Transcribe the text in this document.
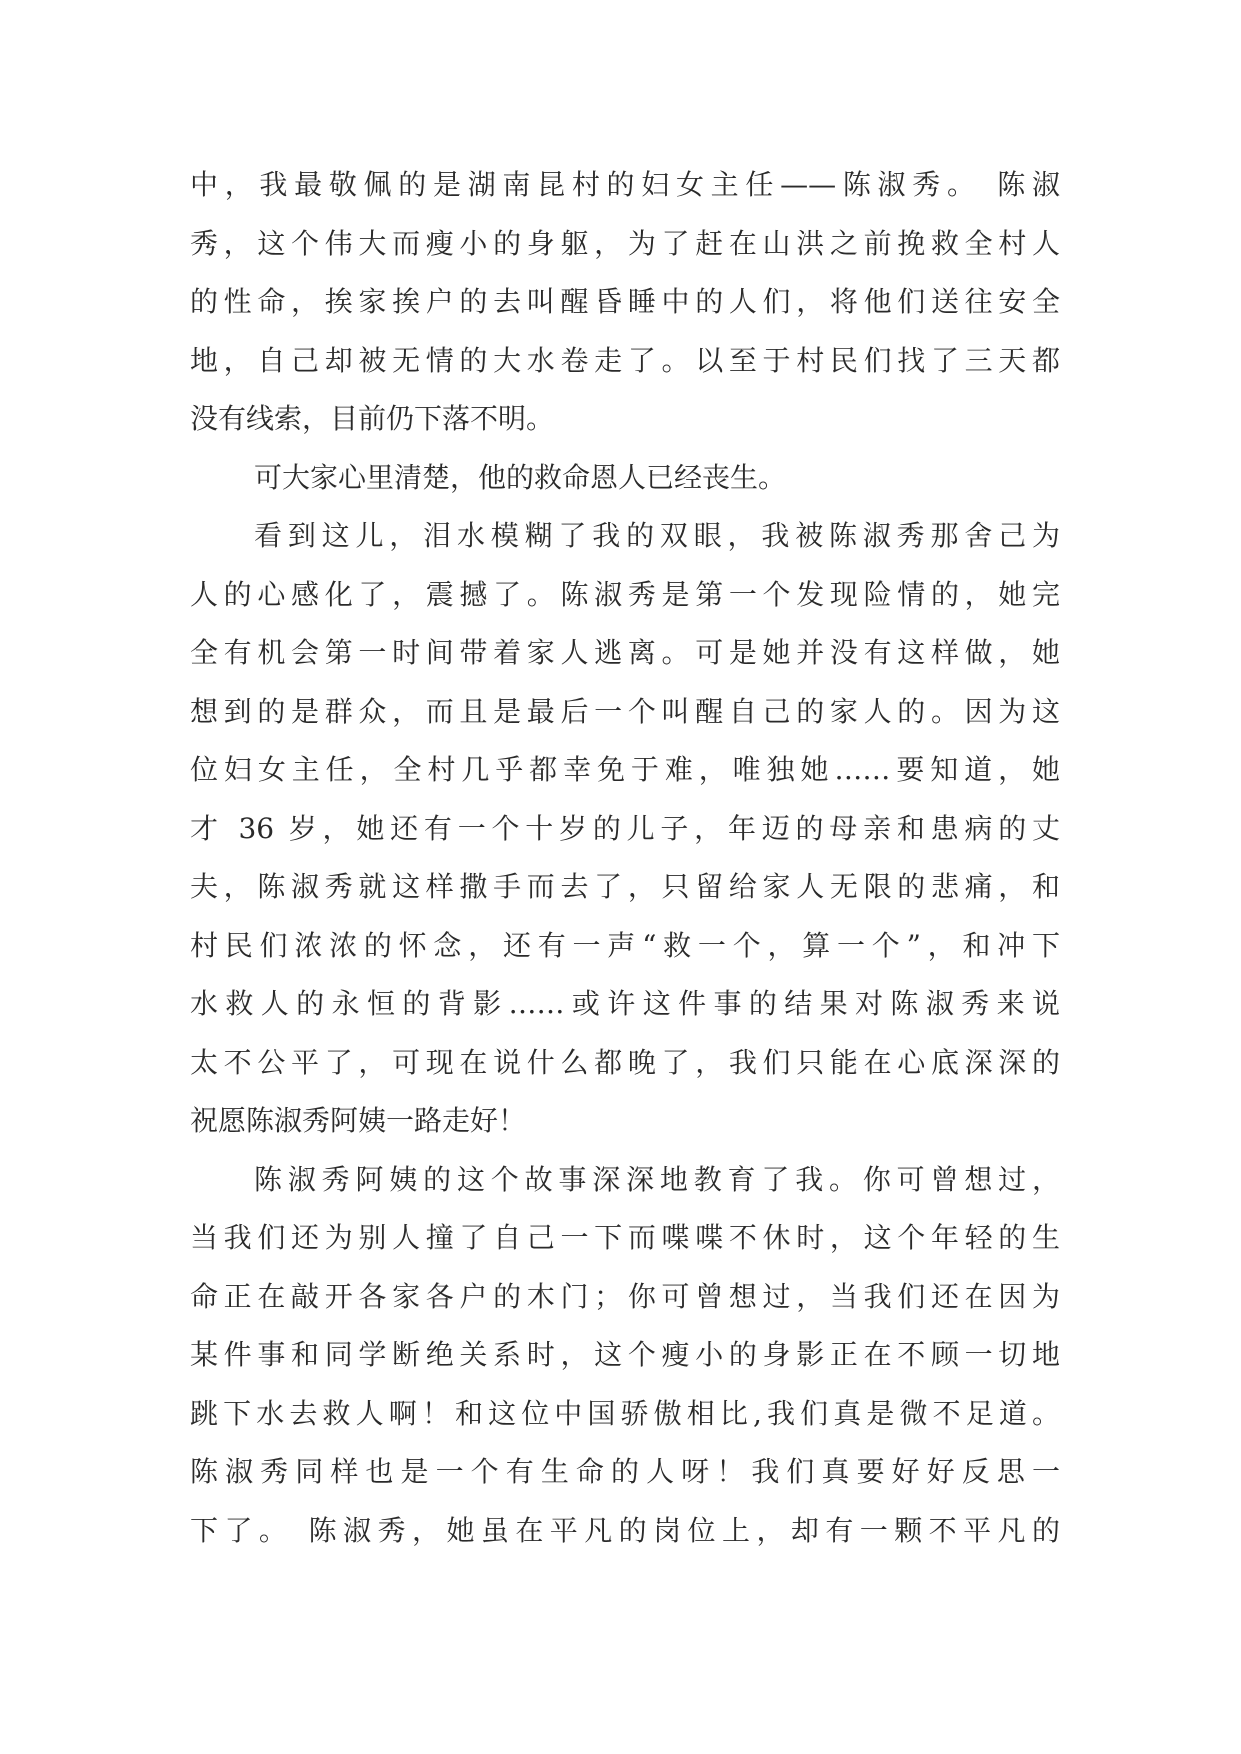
中，我最敬佩的是湖南昆村的妇女主任——陈淑秀。 陈淑
秀，这个伟大而瘦小的身躯，为了赶在山洪之前挽救全村人
的性命，挨家挨户的去叫醒昏睡中的人们，将他们送往安全
地，自己却被无情的大水卷走了。以至于村民们找了三天都
没有线索，目前仍下落不明。
可大家心里清楚，他的救命恩人已经丧生。
看到这儿，泪水模糊了我的双眼，我被陈淑秀那舍己为
人的心感化了，震撼了。陈淑秀是第一个发现险情的，她完
全有机会第一时间带着家人逃离。可是她并没有这样做，她
想到的是群众，而且是最后一个叫醒自己的家人的。因为这
位妇女主任，全村几乎都幸免于难，唯独她……要知道，她
才 36 岁，她还有一个十岁的儿子，年迈的母亲和患病的丈
夫，陈淑秀就这样撒手而去了，只留给家人无限的悲痛，和
村民们浓浓的怀念，还有一声“救一个，算一个”，和冲下
水救人的永恒的背影……或许这件事的结果对陈淑秀来说
太不公平了，可现在说什么都晚了，我们只能在心底深深的
祝愿陈淑秀阿姨一路走好！
陈淑秀阿姨的这个故事深深地教育了我。你可曾想过，
当我们还为别人撞了自己一下而喋喋不休时，这个年轻的生
命正在敲开各家各户的木门；你可曾想过，当我们还在因为
某件事和同学断绝关系时，这个瘦小的身影正在不顾一切地
跳下水去救人啊！和这位中国骄傲相比,我们真是微不足道。
陈淑秀同样也是一个有生命的人呀！我们真要好好反思一
下了。 陈淑秀，她虽在平凡的岗位上，却有一颗不平凡的
